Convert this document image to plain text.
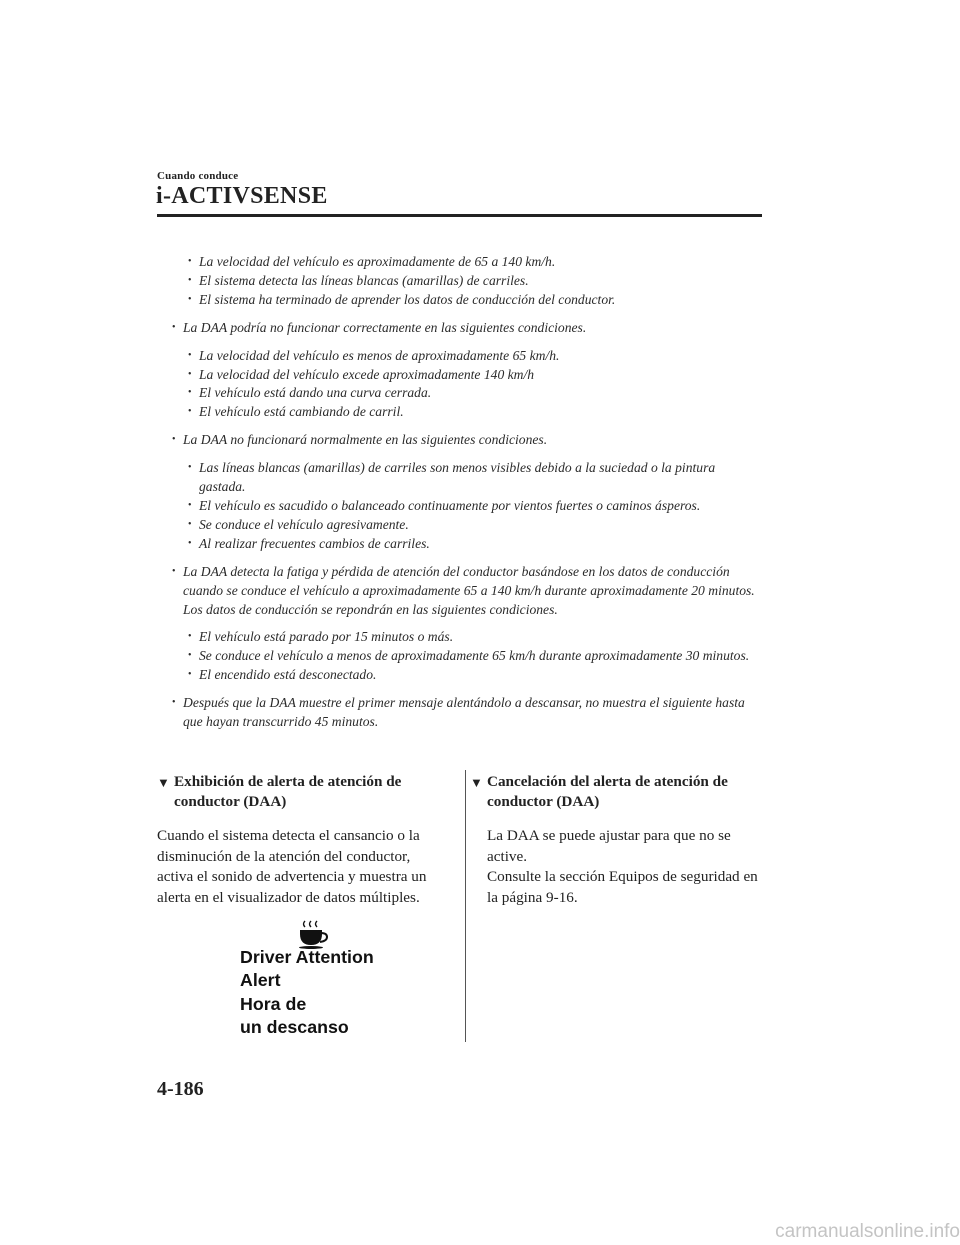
Cuando conduce
i-ACTIVSENSE
• La velocidad del vehículo es aproximadamente de 65 a 140 km/h.
• El sistema detecta las líneas blancas (amarillas) de carriles.
• El sistema ha terminado de aprender los datos de conducción del conductor.
• La DAA podría no funcionar correctamente en las siguientes condiciones.
• La velocidad del vehículo es menos de aproximadamente 65 km/h.
• La velocidad del vehículo excede aproximadamente 140 km/h
• El vehículo está dando una curva cerrada.
• El vehículo está cambiando de carril.
• La DAA no funcionará normalmente en las siguientes condiciones.
• Las líneas blancas (amarillas) de carriles son menos visibles debido a la suciedad o la pintura gastada.
• El vehículo es sacudido o balanceado continuamente por vientos fuertes o caminos ásperos.
• Se conduce el vehículo agresivamente.
• Al realizar frecuentes cambios de carriles.
• La DAA detecta la fatiga y pérdida de atención del conductor basándose en los datos de conducción cuando se conduce el vehículo a aproximadamente 65 a 140 km/h durante aproximadamente 20 minutos. Los datos de conducción se repondrán en las siguientes condiciones.
• El vehículo está parado por 15 minutos o más.
• Se conduce el vehículo a menos de aproximadamente 65 km/h durante aproximadamente 30 minutos.
• El encendido está desconectado.
• Después que la DAA muestre el primer mensaje alentándolo a descansar, no muestra el siguiente hasta que hayan transcurrido 45 minutos.
▼ Exhibición de alerta de atención de conductor (DAA)
Cuando el sistema detecta el cansancio o la disminución de la atención del conductor, activa el sonido de advertencia y muestra un alerta en el visualizador de datos múltiples.
▼ Cancelación del alerta de atención de conductor (DAA)
La DAA se puede ajustar para que no se active.
Consulte la sección Equipos de seguridad en la página 9-16.
Driver Attention
Alert
Hora de
un descanso
4-186
carmanualsonline.info
